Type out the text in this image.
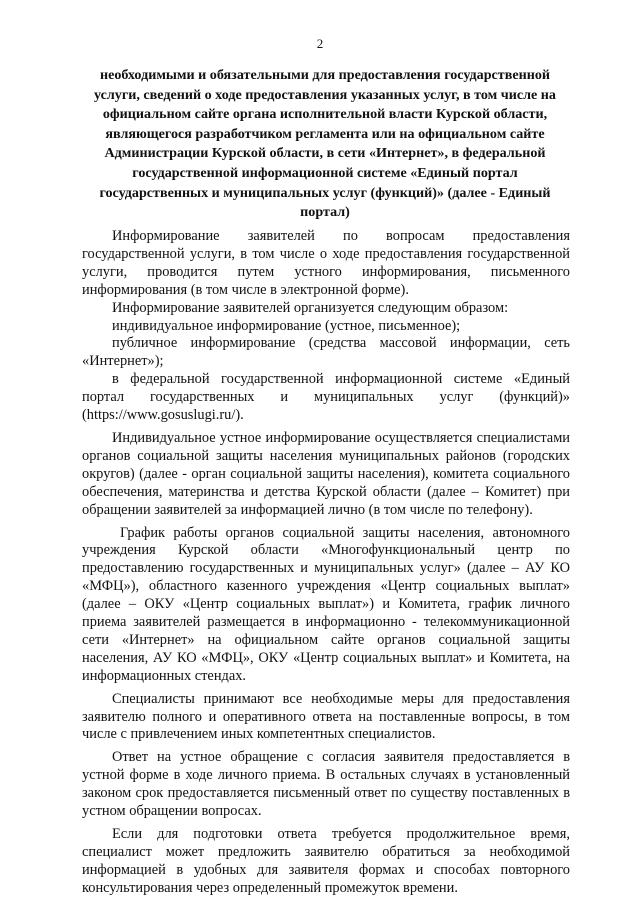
2
необходимыми и обязательными для предоставления государственной услуги, сведений о ходе предоставления указанных услуг, в том числе на официальном сайте органа исполнительной власти Курской области, являющегося разработчиком регламента или на официальном сайте Администрации Курской области, в сети «Интернет», в федеральной государственной информационной системе «Единый портал государственных и муниципальных услуг (функций)» (далее - Единый портал)

Информирование заявителей по вопросам предоставления государственной услуги, в том числе о ходе предоставления государственной услуги, проводится путем устного информирования, письменного информирования (в том числе в электронной форме).

Информирование заявителей организуется следующим образом:

индивидуальное информирование (устное, письменное);

публичное информирование (средства массовой информации, сеть «Интернет»);

в федеральной государственной информационной системе «Единый портал государственных и муниципальных услуг (функций)» (https://www.gosuslugi.ru/).

Индивидуальное устное информирование осуществляется специалистами органов социальной защиты населения муниципальных районов (городских округов) (далее - орган социальной защиты населения), комитета социального обеспечения, материнства и детства Курской области (далее – Комитет) при обращении заявителей за информацией лично (в том числе по телефону).

График работы органов социальной защиты населения, автономного учреждения Курской области «Многофункциональный центр по предоставлению государственных и муниципальных услуг» (далее – АУ КО «МФЦ»), областного казенного учреждения «Центр социальных выплат» (далее – ОКУ «Центр социальных выплат») и Комитета, график личного приема заявителей размещается в информационно - телекоммуникационной сети «Интернет» на официальном сайте органов социальной защиты населения, АУ КО «МФЦ», ОКУ «Центр социальных выплат» и Комитета, на информационных стендах.

Специалисты принимают все необходимые меры для предоставления заявителю полного и оперативного ответа на поставленные вопросы, в том числе с привлечением иных компетентных специалистов.

Ответ на устное обращение с согласия заявителя предоставляется в устной форме в ходе личного приема. В остальных случаях в установленный законом срок предоставляется письменный ответ по существу поставленных в устном обращении вопросах.

Если для подготовки ответа требуется продолжительное время, специалист может предложить заявителю обратиться за необходимой информацией в удобных для заявителя формах и способах повторного консультирования через определенный промежуток времени.
